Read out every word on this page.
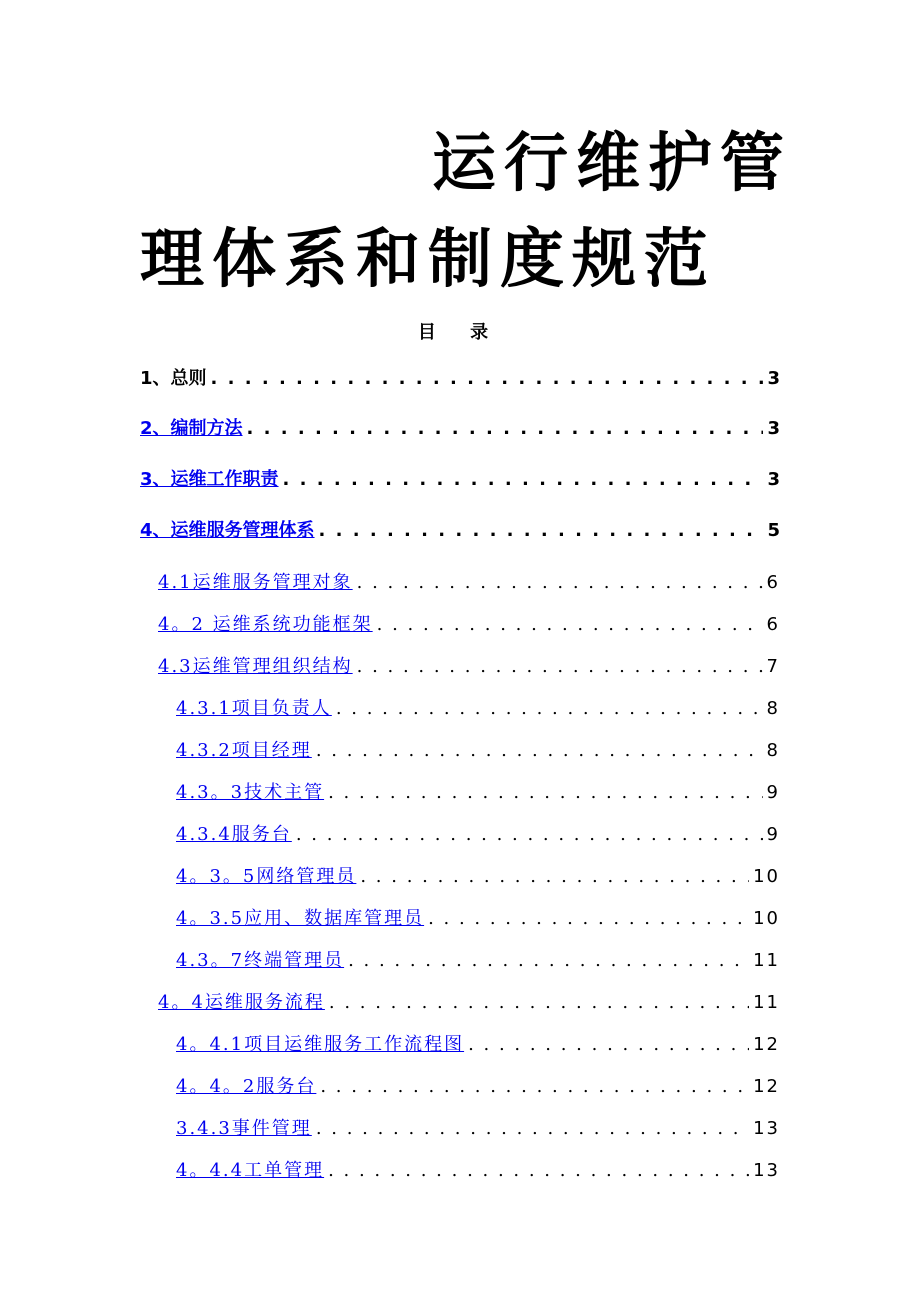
运行维护管
理体系和制度规范
目 录
1、总则 . . .	3
2、编制方法 . . .	3
3、运维工作职责 . . .	3
4、运维服务管理体系 . . .	5
4.1运维服务管理对象 . . .	6
4。2 运维系统功能框架 . . .	6
4.3运维管理组织结构 . . .	7
4.3.1项目负责人 . . .	8
4.3.2项目经理 . . .	8
4.3。3技术主管 . . .	9
4.3.4服务台 . . .	9
4。3。5网络管理员 . . .	10
4。3.5应用、数据库管理员 . . .	10
4.3。7终端管理员 . . .	11
4。4运维服务流程 . . .	11
4。4.1项目运维服务工作流程图 . . .	12
4。4。2服务台 . . .	12
3.4.3事件管理 . . .	13
4。4.4工单管理 . . .	13
